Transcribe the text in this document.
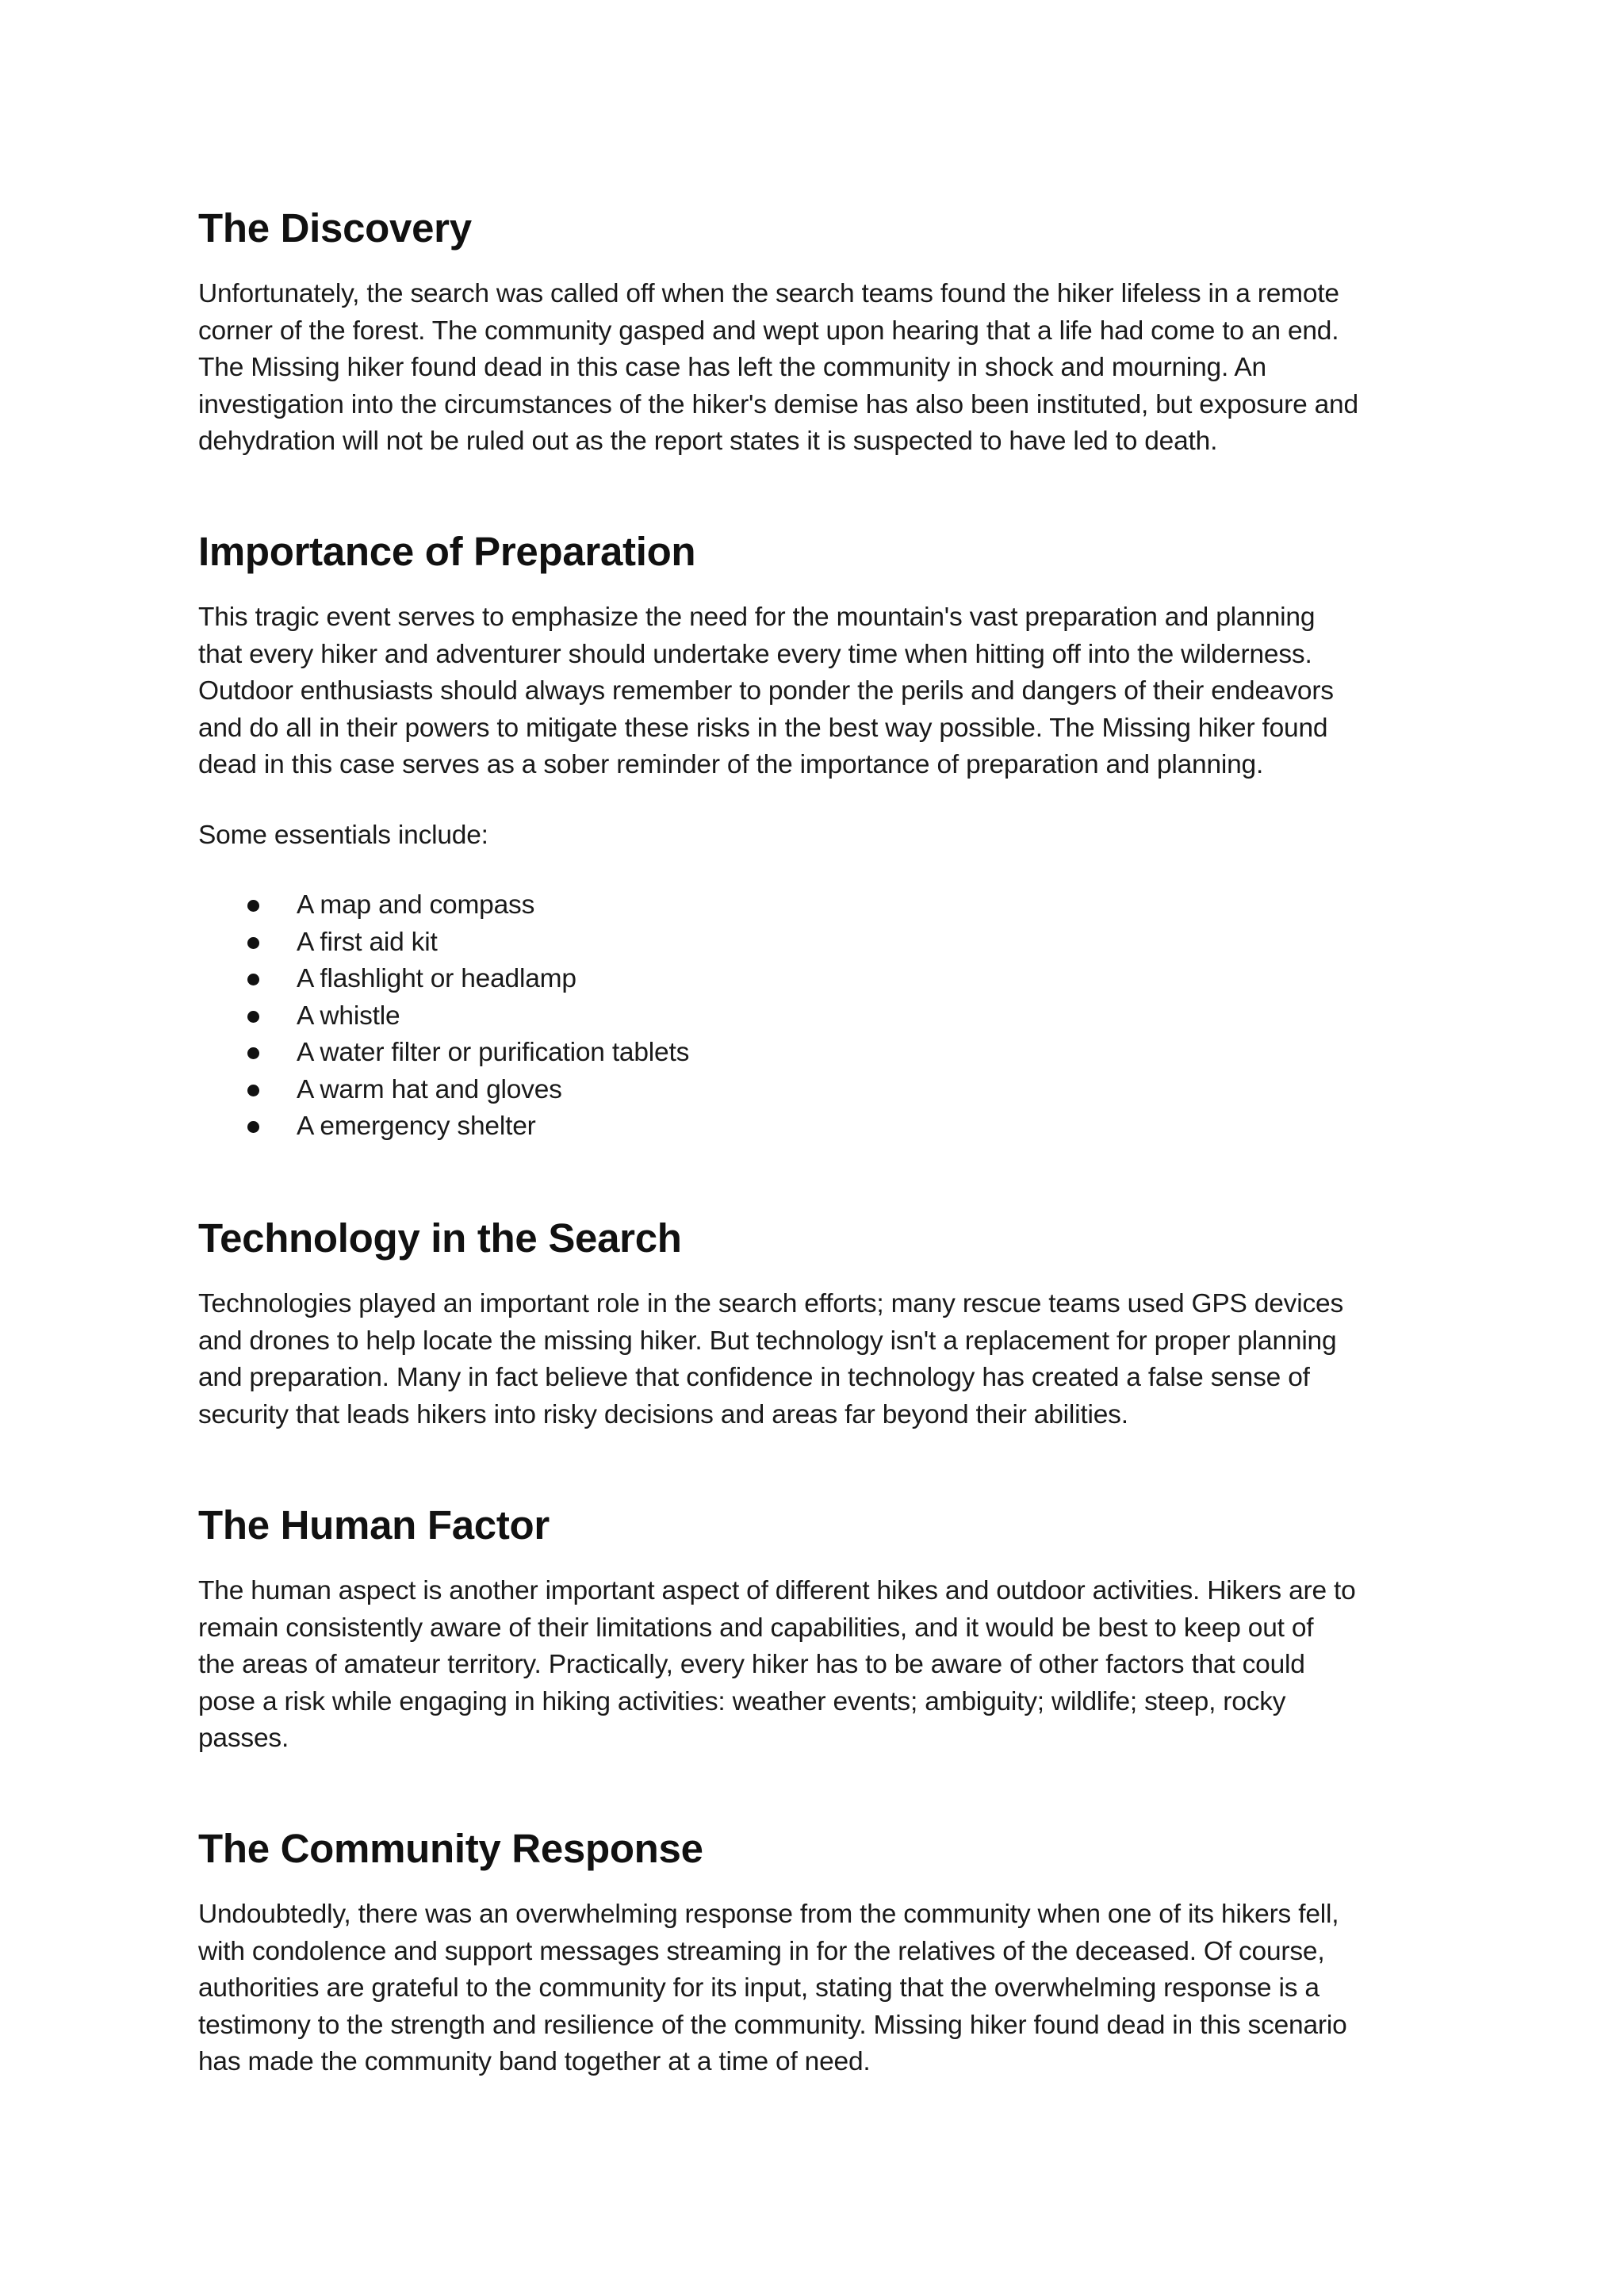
The Discovery

Unfortunately, the search was called off when the search teams found the hiker lifeless in a remote
corner of the forest. The community gasped and wept upon hearing that a life had come to an end.
The Missing hiker found dead in this case has left the community in shock and mourning. An
investigation into the circumstances of the hiker's demise has also been instituted, but exposure and
dehydration will not be ruled out as the report states it is suspected to have led to death.

Importance of Preparation

This tragic event serves to emphasize the need for the mountain's vast preparation and planning
that every hiker and adventurer should undertake every time when hitting off into the wilderness.
Outdoor enthusiasts should always remember to ponder the perils and dangers of their endeavors
and do all in their powers to mitigate these risks in the best way possible. The Missing hiker found
dead in this case serves as a sober reminder of the importance of preparation and planning.

Some essentials include:

A map and compass
A first aid kit
A flashlight or headlamp
A whistle
A water filter or purification tablets
A warm hat and gloves
A emergency shelter
Technology in the Search

Technologies played an important role in the search efforts; many rescue teams used GPS devices
and drones to help locate the missing hiker. But technology isn't a replacement for proper planning
and preparation. Many in fact believe that confidence in technology has created a false sense of
security that leads hikers into risky decisions and areas far beyond their abilities.

The Human Factor

The human aspect is another important aspect of different hikes and outdoor activities. Hikers are to
remain consistently aware of their limitations and capabilities, and it would be best to keep out of
the areas of amateur territory. Practically, every hiker has to be aware of other factors that could
pose a risk while engaging in hiking activities: weather events; ambiguity; wildlife; steep, rocky
passes.

The Community Response

Undoubtedly, there was an overwhelming response from the community when one of its hikers fell,
with condolence and support messages streaming in for the relatives of the deceased. Of course,
authorities are grateful to the community for its input, stating that the overwhelming response is a
testimony to the strength and resilience of the community. Missing hiker found dead in this scenario
has made the community band together at a time of need.
